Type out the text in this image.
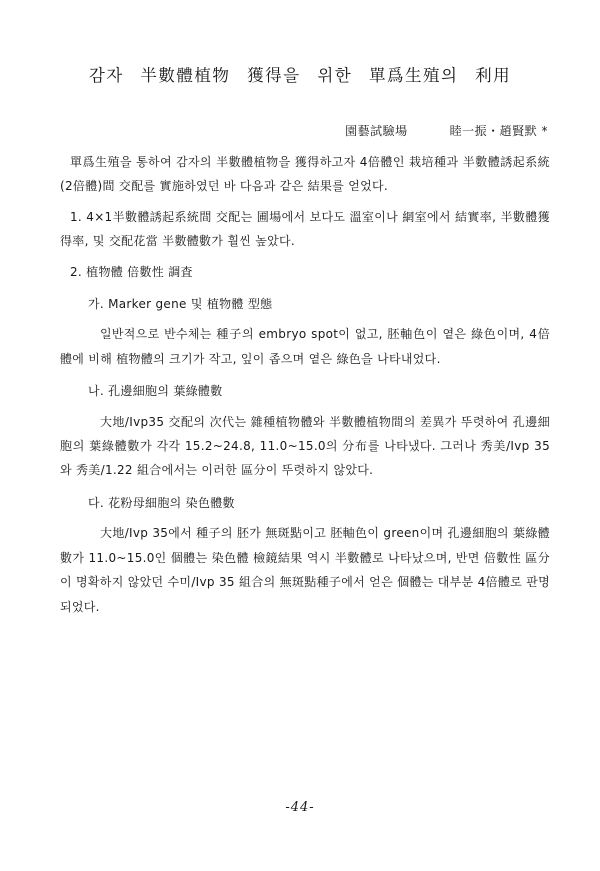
감자 半數體植物 獲得을 위한 單爲生殖의 利用
園藝試驗場	睦一振・趙賢默 *

單爲生殖을 통하여 감자의 半數體植物을 獲得하고자 4倍體인 栽培種과 半數體誘起系統(2倍體)間 交配를 實施하였던 바 다음과 같은 結果를 얻었다.

1. 4×1半數體誘起系統間 交配는 圃場에서 보다도 溫室이나 網室에서 結實率, 半數體獲得率, 및 交配花當 半數體數가 훨씬 높았다.

2. 植物體 倍數性 調査
가. Marker gene 및 植物體 型態

일반적으로 반수체는 種子의 embryo spot이 없고, 胚軸色이 옅은 綠色이며, 4倍體에 비해 植物體의 크기가 작고, 잎이 좁으며 옅은 綠色을 나타내었다.

나. 孔邊細胞의 葉綠體數

大地/Ivp35 交配의 次代는 雜種植物體와 半數體植物間의 差異가 뚜렷하여 孔邊細胞의 葉綠體數가 각각 15.2~24.8, 11.0~15.0의 分布를 나타냈다. 그러나 秀美/Ivp 35와 秀美/1.22 組合에서는 이러한 區分이 뚜렷하지 않았다.

다. 花粉母細胞의 染色體數

大地/Ivp 35에서 種子의 胚가 無斑點이고 胚軸色이 green이며 孔邊細胞의 葉綠體數가 11.0~15.0인 個體는 染色體 檢鏡結果 역시 半數體로 나타났으며, 반면 倍數性 區分이 명확하지 않았던 수미/Ivp 35 組合의 無斑點種子에서 얻은 個體는 대부분 4倍體로 판명되었다.

-44-
